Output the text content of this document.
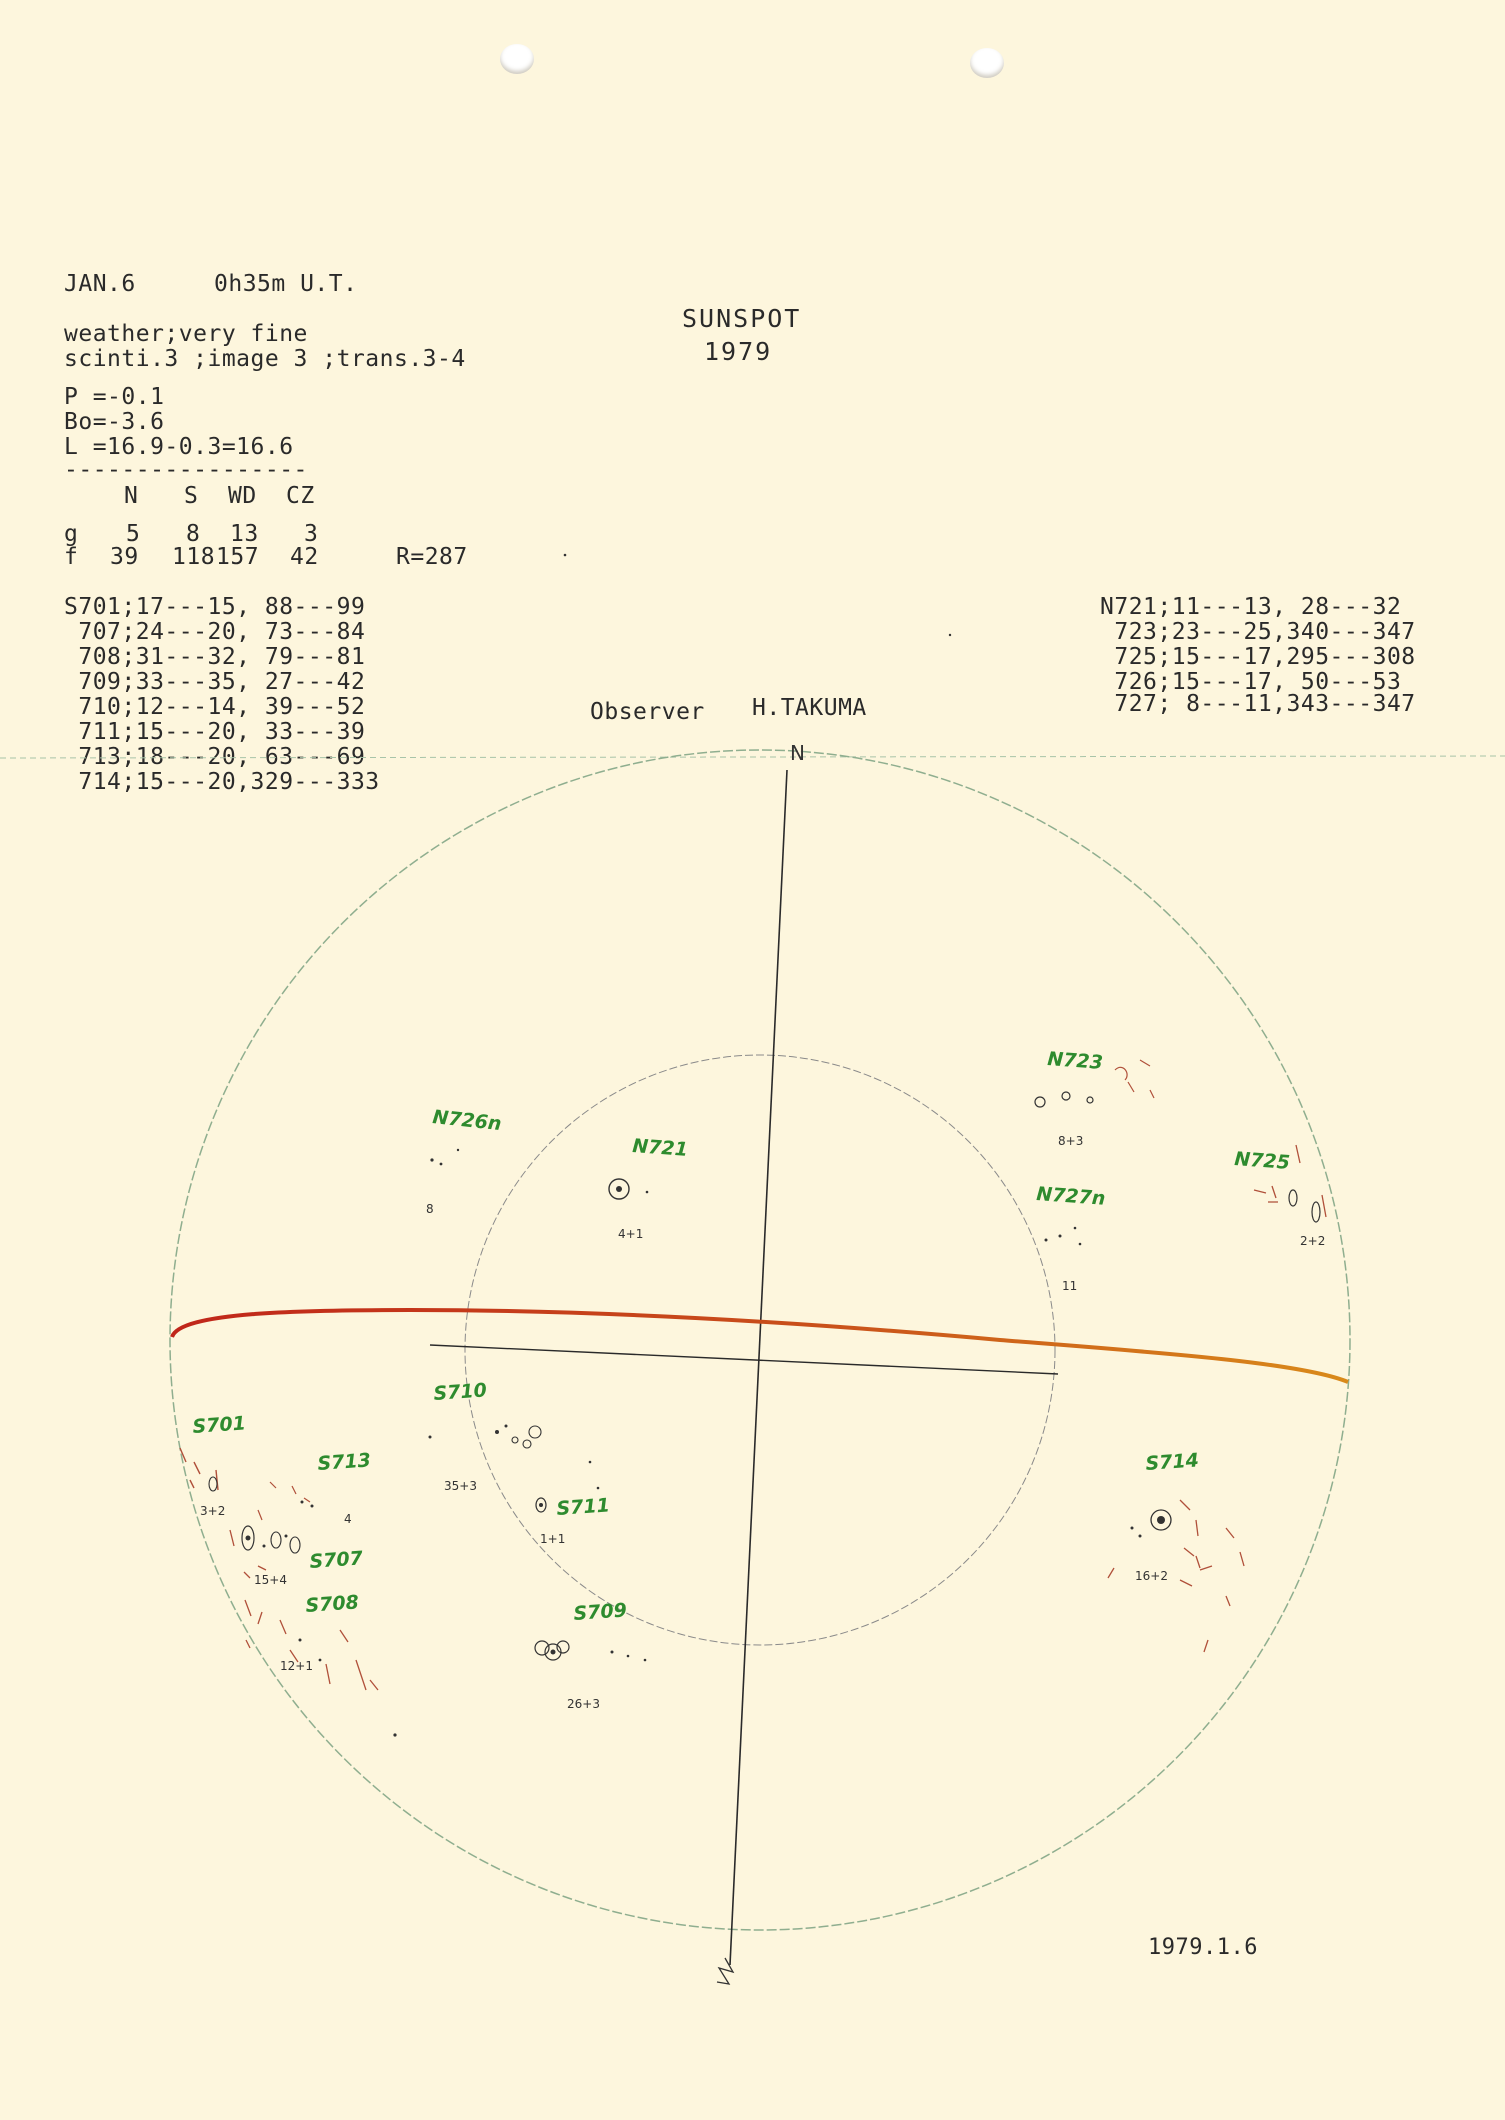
JAN.6	0h35m U.T.
weather;very fine
scinti.3 ;image 3 ;trans.3-4
P =-0.1
Bo=-3.6
L =16.9-0.3=16.6
-----------------
N S WD CZ
g 5 8 13 3
f 39 118 157 42	R=287
SUNSPOT
1979
S701;17---15, 88---99
707;24---20, 73---84
708;31---32, 79---81
709;33---35, 27---42
710;12---14, 39---52
711;15---20, 33---39
713;18---20, 63---69
714;15---20,329---333
N721;11---13, 28---32
723;23---25,340---347
725;15---17,295---308
726;15---17, 50---53
727; 8---11,343---347
Observer H.TAKUMA
N
N726n
8
N721
4+1
N723
8+3
N727n
11
N725
2+2
S710
35+3
S701
3+2
S713
4	S711
1+1
S707
15+4
S708
12+1
S709
26+3
S714
16+2
1979.1.6
